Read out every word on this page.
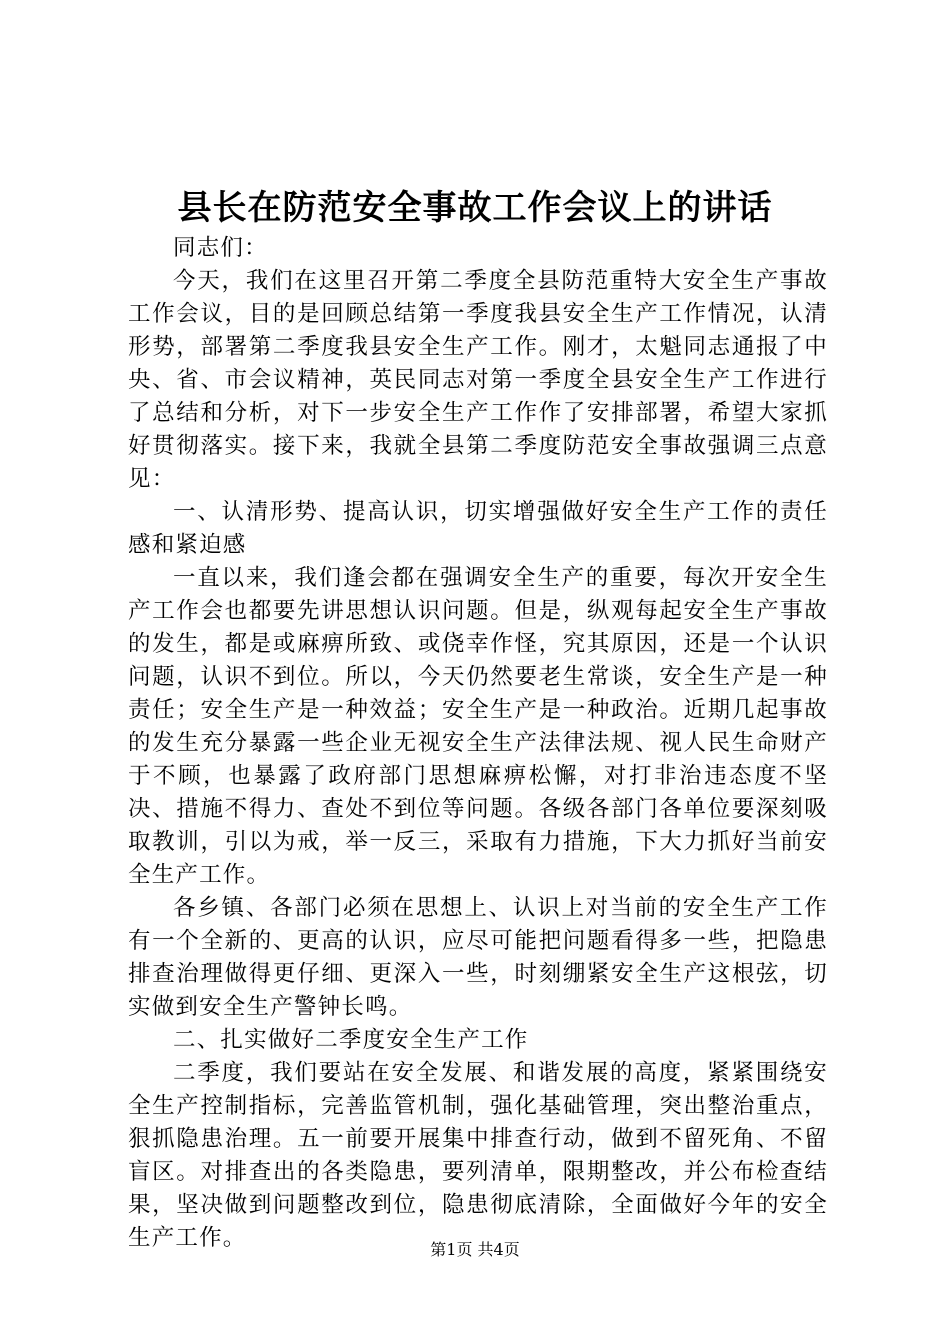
县长在防范安全事故工作会议上的讲话

同志们：

今天，我们在这里召开第二季度全县防范重特大安全生产事故工作会议，目的是回顾总结第一季度我县安全生产工作情况，认清形势，部署第二季度我县安全生产工作。刚才，太魁同志通报了中央、省、市会议精神，英民同志对第一季度全县安全生产工作进行了总结和分析，对下一步安全生产工作作了安排部署，希望大家抓好贯彻落实。接下来，我就全县第二季度防范安全事故强调三点意见：

一、认清形势、提高认识，切实增强做好安全生产工作的责任感和紧迫感

一直以来，我们逢会都在强调安全生产的重要，每次开安全生产工作会也都要先讲思想认识问题。但是，纵观每起安全生产事故的发生，都是或麻痹所致、或侥幸作怪，究其原因，还是一个认识问题，认识不到位。所以，今天仍然要老生常谈，安全生产是一种责任；安全生产是一种效益；安全生产是一种政治。近期几起事故的发生充分暴露一些企业无视安全生产法律法规、视人民生命财产于不顾，也暴露了政府部门思想麻痹松懈，对打非治违态度不坚决、措施不得力、查处不到位等问题。各级各部门各单位要深刻吸取教训，引以为戒，举一反三，采取有力措施，下大力抓好当前安全生产工作。

各乡镇、各部门必须在思想上、认识上对当前的安全生产工作有一个全新的、更高的认识，应尽可能把问题看得多一些，把隐患排查治理做得更仔细、更深入一些，时刻绷紧安全生产这根弦，切实做到安全生产警钟长鸣。

二、扎实做好二季度安全生产工作

二季度，我们要站在安全发展、和谐发展的高度，紧紧围绕安全生产控制指标，完善监管机制，强化基础管理，突出整治重点，狠抓隐患治理。五一前要开展集中排查行动，做到不留死角、不留盲区。对排查出的各类隐患，要列清单，限期整改，并公布检查结果，坚决做到问题整改到位，隐患彻底清除，全面做好今年的安全生产工作。	第1页 共4页
